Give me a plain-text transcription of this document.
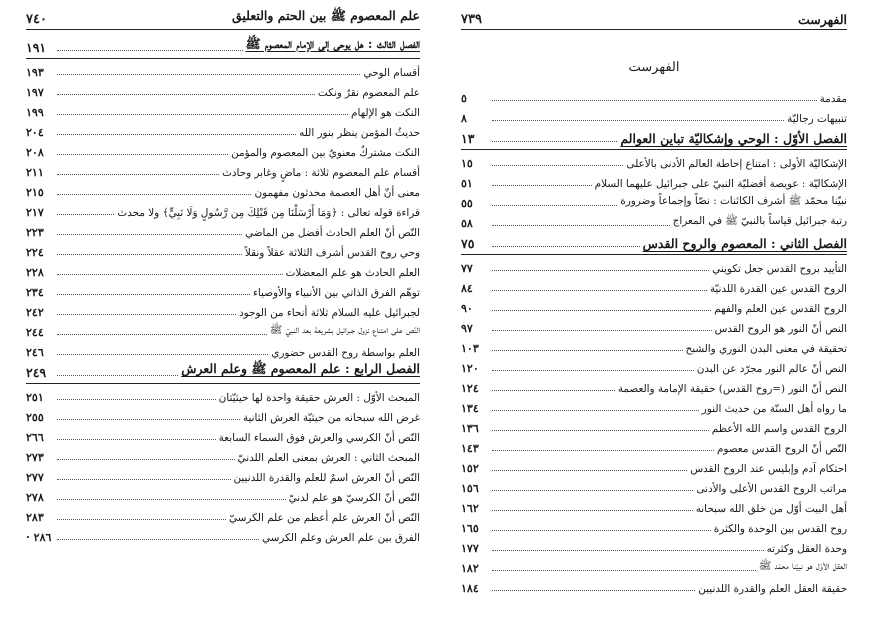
علم المعصوم ﷺ بين الحتم والتعليق
٧٤٠
الفصل الثالث : هل يوحى إلى الإمام المعصوم ﷺ
١٩١
أقسام الوحي
١٩٣
علم المعصوم نقرٌ ونكت
١٩٧
النكت هو الإلهام
١٩٩
حديثُ المؤمن ينظر بنور الله
٢٠٤
النكت مشتركٌ معنويٌ بين المعصوم والمؤمن
٢٠٨
أقسام علم المعصوم ثلاثة : ماضٍ وغابر وحادث
٢١١
معنى أنّ أهل العصمة محدثون مفهمون
٢١٥
قراءة قوله تعالى : ﴿وَمَا أَرْسَلْنَا مِن قَبْلِكَ مِن رَّسُولٍ وَلَا نَبِيٍّ﴾ ولا محدث
٢١٧
النّص أنّ العلم الحادث أفضل من الماضي
٢٢٣
وحي روح القدس أشرف الثلاثة عقلاً ونقلاً
٢٢٤
العلم الحادث هو علم المعضلات
٢٢٨
توهّم الفرق الذاتي بين الأنبياء والأوصياء
٢٣٤
لجبرائيل عليه السلام ثلاثة أنحاء من الوجود
٢٤٢
النّص على امتناع نزول جبرائيل بشريعة بعد النبيّ ﷺ
٢٤٤
العلم بواسطة روح القدس حضوري
٢٤٦
الفصل الرابع : علم المعصوم ﷺ وعلم العرش
٢٤٩
المبحث الأوّل : العرش حقيقة واحدة لها حيثيّتان
٢٥١
غرض الله سبحانه من حيثيّة العرش الثانية
٢٥٥
النّص أنّ الكرسي والعرش فوق السماء السابعة
٢٦٦
المبحث الثاني : العرش بمعنى العلم اللدنيّ
٢٧٣
النّص أنّ العرش اسمٌ للعلم والقدرة اللدنيين
٢٧٧
النّص أنّ الكرسيّ هو علم لدنيّ
٢٧٨
النّص أنّ العرش علم أعظم من علم الكرسيّ
٢٨٣
الفرق بين علم العرش وعلم الكرسي
٢٨٦ ·
الفهرست
٧٣٩
الفهرست
مقدمة
٥
تنبيهات رجاليّة
٨
الفصل الأوّل : الوحي وإشكاليّة تباين العوالم
١٣
الإشكاليّة الأولى : امتناع إحاطة العالم الأدنى بالأعلى
١٥
الإشكاليّة : عويصة أفضليّة النبيّ على جبرائيل عليهما السلام
٥١
نبيّنا محمّد ﷺ أشرف الكائنات : نصّاً وإجماعاً وضرورة
٥٥
رتبة جبرائيل قياساً بالنبيّ ﷺ في المعراج
٥٨
الفصل الثاني : المعصوم والروح القدس
٧٥
التأييد بروح القدس جعل تكويني
٧٧
الروح القدس عين القدرة اللدنيّة
٨٤
الروح القدس عين العلم والفهم
٩٠
النص أنّ النور هو الروح القدس
٩٧
تحقيقة في معنى البدن النوري والشبح
١٠٣
النص أنّ عالم النور مجرّد عن البدن
١٢٠
النص أنّ النور (=روح القدس) حقيقة الإمامة والعصمة
١٢٤
ما رواه أهل السنّة من حديث النور
١٣٤
الروح القدس واسم الله الأعظم
١٣٦
النّص أنّ الروح القدس معصوم
١٤٣
احتكام آدم وإبليس عند الروح القدس
١٥٢
مراتب الروح القدس الأعلى والأدنى
١٥٦
أهل البيت أوّل من خلق الله سبحانه
١٦٢
روح القدس بين الوحدة والكثرة
١٦٥
وحدة العقل وكثرته
١٧٧
العقل الأوّل هو نبيّنا محمّد ﷺ
١٨٢
حقيقة العقل العلم والقدرة اللدنيين
١٨٤
